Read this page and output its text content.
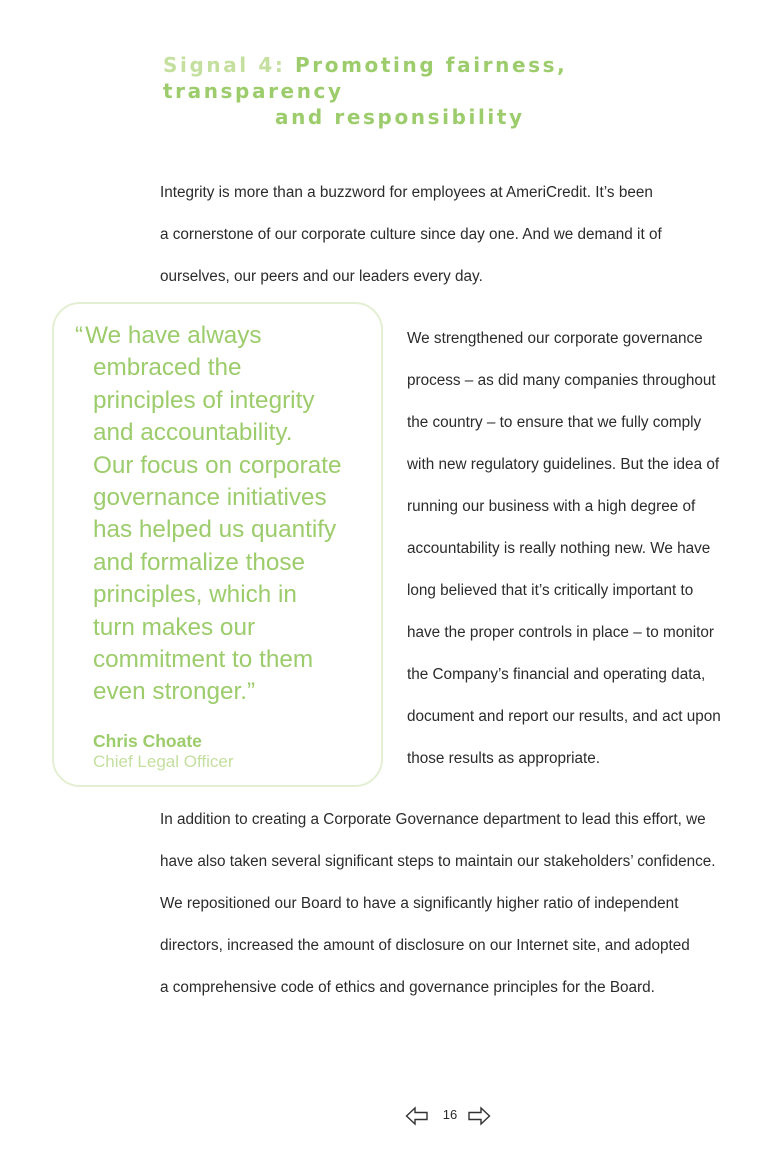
Signal 4: Promoting fairness, transparency
and responsibility

Integrity is more than a buzzword for employees at AmeriCredit. It’s been
a cornerstone of our corporate culture since day one. And we demand it of
ourselves, our peers and our leaders every day.

“We have always
embraced the
principles of integrity
and accountability.
Our focus on corporate
governance initiatives
has helped us quantify
and formalize those
principles, which in
turn makes our
commitment to them
even stronger.”
Chris Choate
Chief Legal Officer

We strengthened our corporate governance
process – as did many companies throughout
the country – to ensure that we fully comply
with new regulatory guidelines. But the idea of
running our business with a high degree of
accountability is really nothing new. We have
long believed that it’s critically important to
have the proper controls in place – to monitor
the Company’s financial and operating data,
document and report our results, and act upon
those results as appropriate.

In addition to creating a Corporate Governance department to lead this effort, we
have also taken several significant steps to maintain our stakeholders’ confidence.
We repositioned our Board to have a significantly higher ratio of independent
directors, increased the amount of disclosure on our Internet site, and adopted
a comprehensive code of ethics and governance principles for the Board.

16
